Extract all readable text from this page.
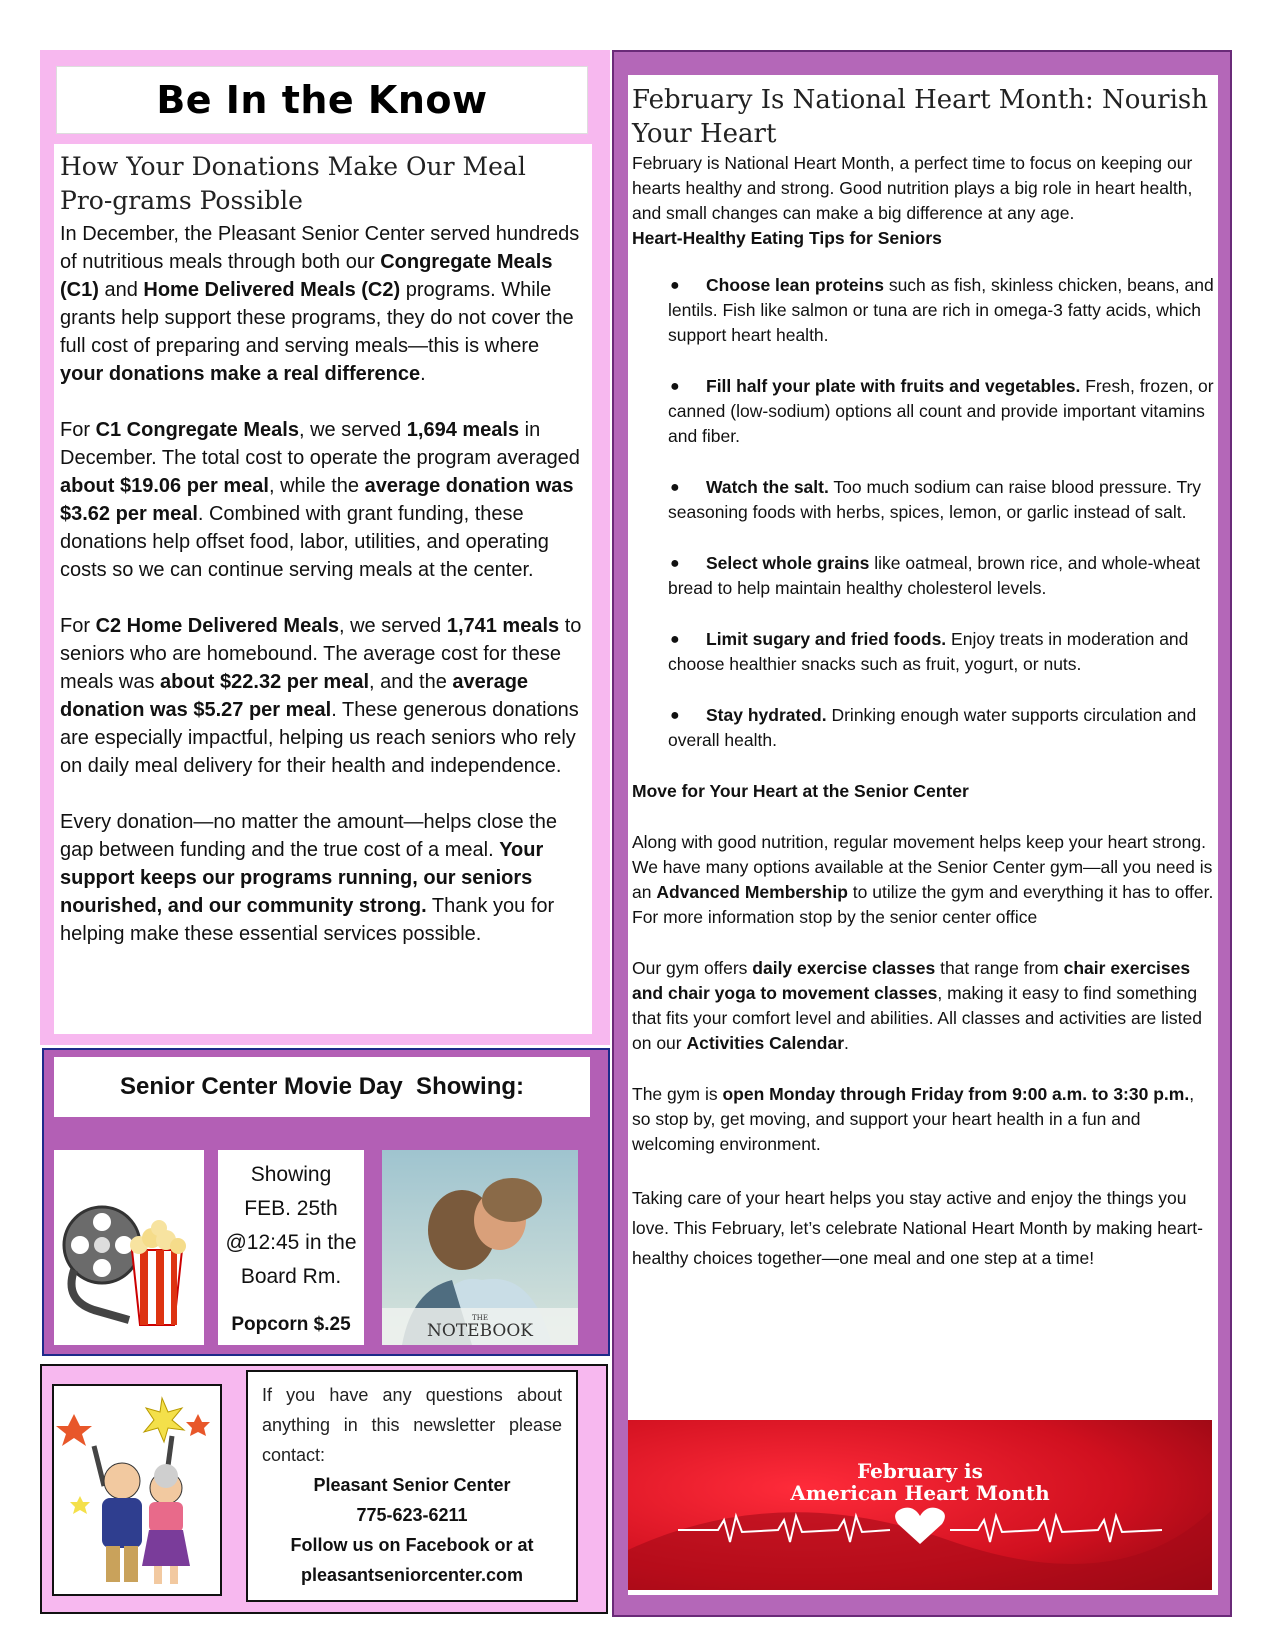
Be In the Know
How Your Donations Make Our Meal Pro-grams Possible

In December, the Pleasant Senior Center served hundreds of nutritious meals through both our Congregate Meals (C1) and Home Delivered Meals (C2) programs. While grants help support these programs, they do not cover the full cost of preparing and serving meals—this is where your donations make a real difference.

For C1 Congregate Meals, we served 1,694 meals in December. The total cost to operate the program averaged about $19.06 per meal, while the average donation was $3.62 per meal. Combined with grant funding, these donations help offset food, labor, utilities, and operating costs so we can continue serving meals at the center.

For C2 Home Delivered Meals, we served 1,741 meals to seniors who are homebound. The average cost for these meals was about $22.32 per meal, and the average donation was $5.27 per meal. These generous donations are especially impactful, helping us reach seniors who rely on daily meal delivery for their health and independence.

Every donation—no matter the amount—helps close the gap between funding and the true cost of a meal. Your support keeps our programs running, our seniors nourished, and our community strong. Thank you for helping make these essential services possible.

Senior Center Movie Day  Showing:
Showing
FEB. 25th
@12:45 in the
Board Rm.
Popcorn $.25	THE
NOTEBOOK

If you have any questions about anything in this newsletter please contact:

Pleasant Senior Center

775-623-6211

Follow us on Facebook or at

pleasantseniorcenter.com

February Is National Heart Month: Nourish Your Heart

February is National Heart Month, a perfect time to focus on keeping our hearts healthy and strong. Good nutrition plays a big role in heart health, and small changes can make a big difference at any age.

Heart-Healthy Eating Tips for Seniors

●	Choose lean proteins such as fish, skinless chicken, beans, and lentils. Fish like salmon or tuna are rich in omega-3 fatty acids, which support heart health.
●	Fill half your plate with fruits and vegetables. Fresh, frozen, or canned (low-sodium) options all count and provide important vitamins and fiber.
●	Watch the salt. Too much sodium can raise blood pressure. Try seasoning foods with herbs, spices, lemon, or garlic instead of salt.
●	Select whole grains like oatmeal, brown rice, and whole-wheat bread to help maintain healthy cholesterol levels.
●	Limit sugary and fried foods. Enjoy treats in moderation and choose healthier snacks such as fruit, yogurt, or nuts.
●	Stay hydrated. Drinking enough water supports circulation and overall health.

Move for Your Heart at the Senior Center

Along with good nutrition, regular movement helps keep your heart strong. We have many options available at the Senior Center gym—all you need is an Advanced Membership to utilize the gym and everything it has to offer. For more information stop by the senior center office

Our gym offers daily exercise classes that range from chair exercises and chair yoga to movement classes, making it easy to find something that fits your comfort level and abilities. All classes and activities are listed on our Activities Calendar.

The gym is open Monday through Friday from 9:00 a.m. to 3:30 p.m., so stop by, get moving, and support your heart health in a fun and welcoming environment.

Taking care of your heart helps you stay active and enjoy the things you love. This February, let’s celebrate National Heart Month by making heart-healthy choices together—one meal and one step at a time!

February is
American Heart Month
